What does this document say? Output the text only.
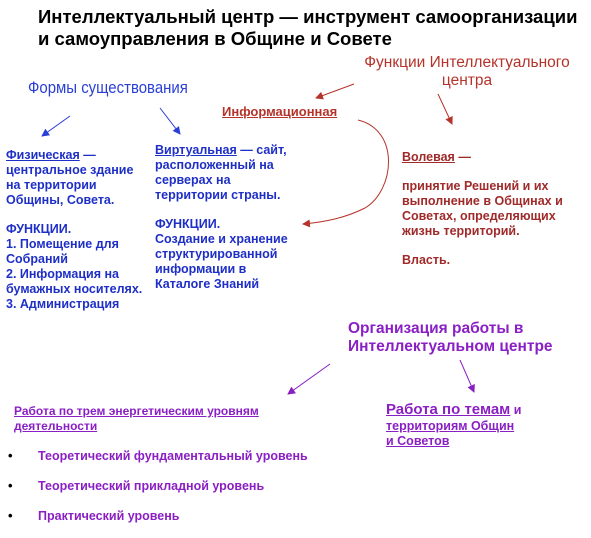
Интеллектуальный центр — инструмент самоорганизации и самоуправления в Общине и Совете
Формы существования
Функции Интеллектуального центра
Информационная

Физическая — центральное здание на территории Общины, Совета.

ФУНКЦИИ.

1. Помещение для Собраний

2. Информация на бумажных носителях.

3. Администрация

Виртуальная — сайт, расположенный на серверах на территории страны.

ФУНКЦИИ.

Создание и хранение структурированной информации в Каталоге Знаний

Волевая —

принятие Решений и их выполнение в Общинах и Советах, определяющих жизнь территорий.

Власть.

Организация работы в Интеллектуальном центре
Работа по трем энергетическим уровням деятельности
•	Теоретический фундаментальный уровень
•	Теоретический прикладной уровень
•	Практический уровень
Работа по темам и
территориям Общин
и Советов
